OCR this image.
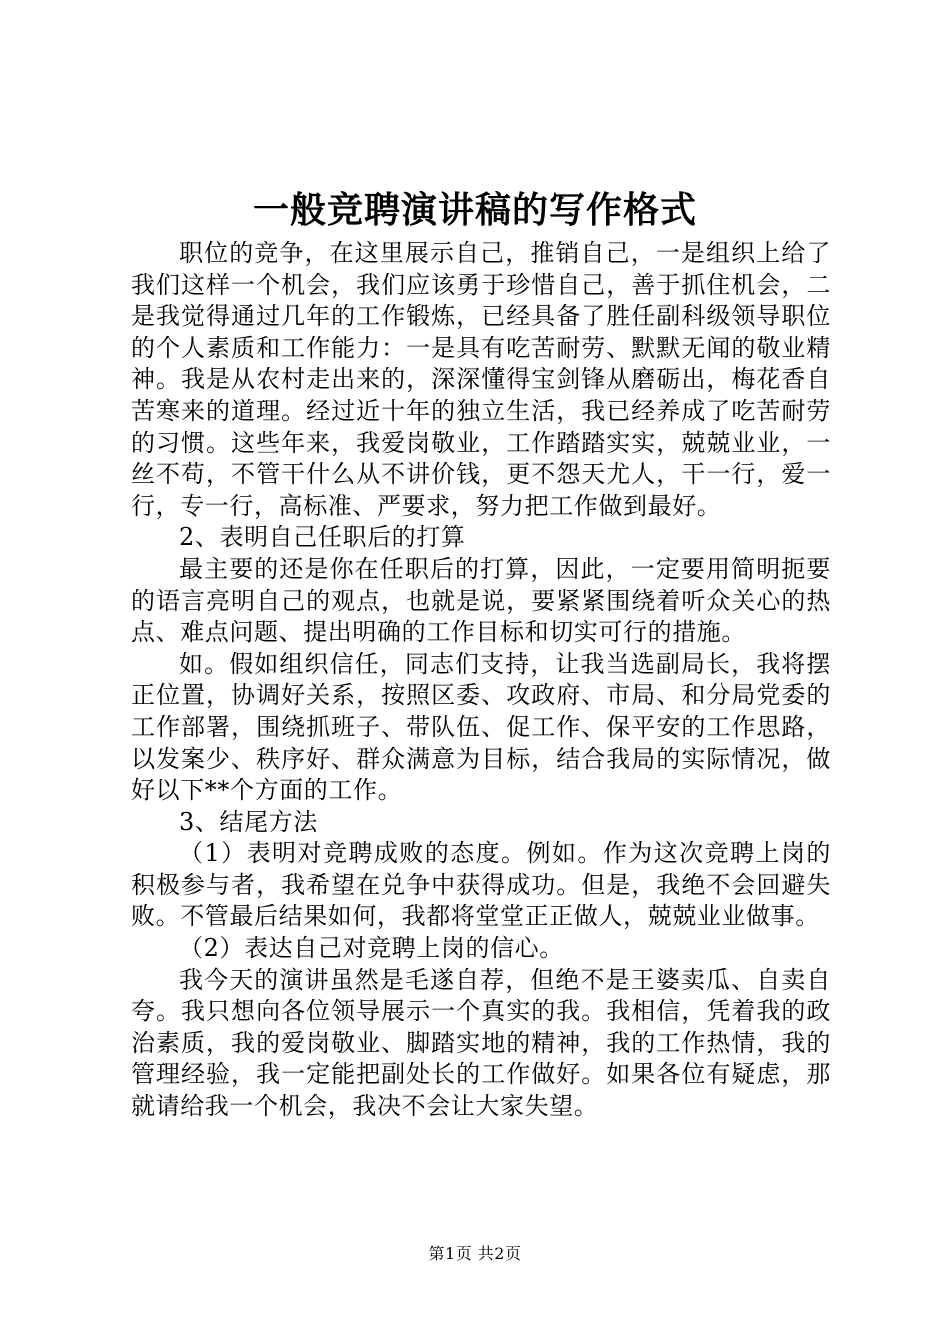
一般竞聘演讲稿的写作格式

职位的竞争，在这里展示自己，推销自己，一是组织上给了我们这样一个机会，我们应该勇于珍惜自己，善于抓住机会，二是我觉得通过几年的工作锻炼，已经具备了胜任副科级领导职位的个人素质和工作能力：一是具有吃苦耐劳、默默无闻的敬业精神。我是从农村走出来的，深深懂得宝剑锋从磨砺出，梅花香自苦寒来的道理。经过近十年的独立生活，我已经养成了吃苦耐劳的习惯。这些年来，我爱岗敬业，工作踏踏实实，兢兢业业，一丝不苟，不管干什么从不讲价钱，更不怨天尤人，干一行，爱一行，专一行，高标准、严要求，努力把工作做到最好。

2、表明自己任职后的打算

最主要的还是你在任职后的打算，因此，一定要用简明扼要的语言亮明自己的观点，也就是说，要紧紧围绕着听众关心的热点、难点问题、提出明确的工作目标和切实可行的措施。

如。假如组织信任，同志们支持，让我当选副局长，我将摆正位置，协调好关系，按照区委、攻政府、市局、和分局党委的工作部署，围绕抓班子、带队伍、促工作、保平安的工作思路，以发案少、秩序好、群众满意为目标，结合我局的实际情况，做好以下**个方面的工作。

3、结尾方法

（1）表明对竞聘成败的态度。例如。作为这次竞聘上岗的积极参与者，我希望在兑争中获得成功。但是，我绝不会回避失败。不管最后结果如何，我都将堂堂正正做人，兢兢业业做事。

（2）表达自己对竞聘上岗的信心。

我今天的演讲虽然是毛遂自荐，但绝不是王婆卖瓜、自卖自夸。我只想向各位领导展示一个真实的我。我相信，凭着我的政治素质，我的爱岗敬业、脚踏实地的精神，我的工作热情，我的管理经验，我一定能把副处长的工作做好。如果各位有疑虑，那就请给我一个机会，我决不会让大家失望。

第1页 共2页
